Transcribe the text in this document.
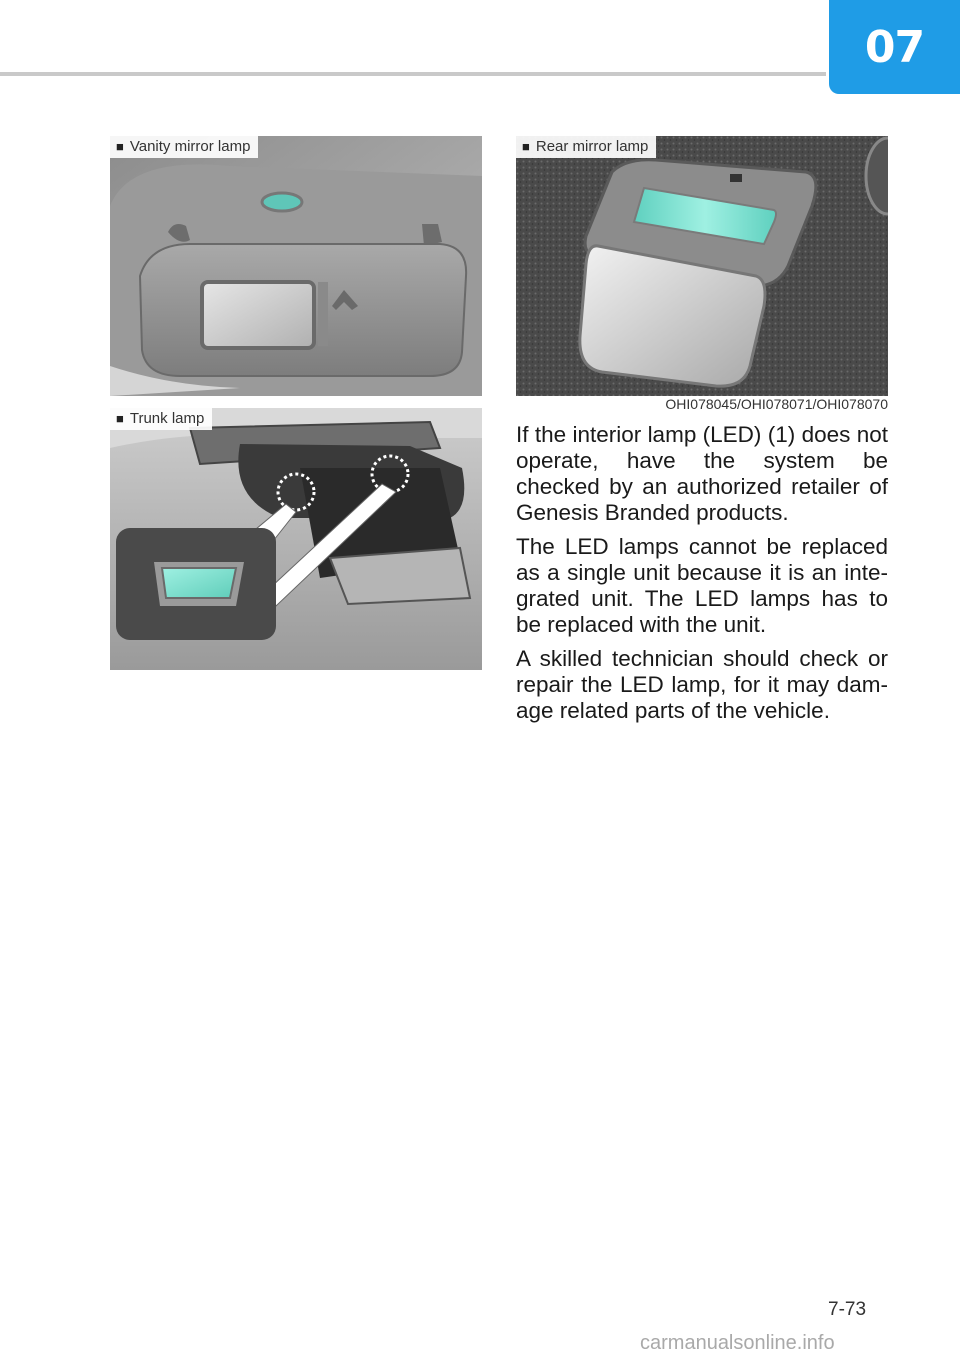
07
■ Vanity mirror lamp	■ Rear mirror lamp
OHI078045/OHI078071/OHI078070
■ Trunk lamp

If the interior lamp (LED) (1) does not operate, have the system be checked by an authorized retailer of Genesis Branded products.

The LED lamps cannot be replaced as a single unit because it is an inte-grated unit. The LED lamps has to be replaced with the unit.

A skilled technician should check or repair the LED lamp, for it may dam-age related parts of the vehicle.

7-73
carmanualsonline.info
